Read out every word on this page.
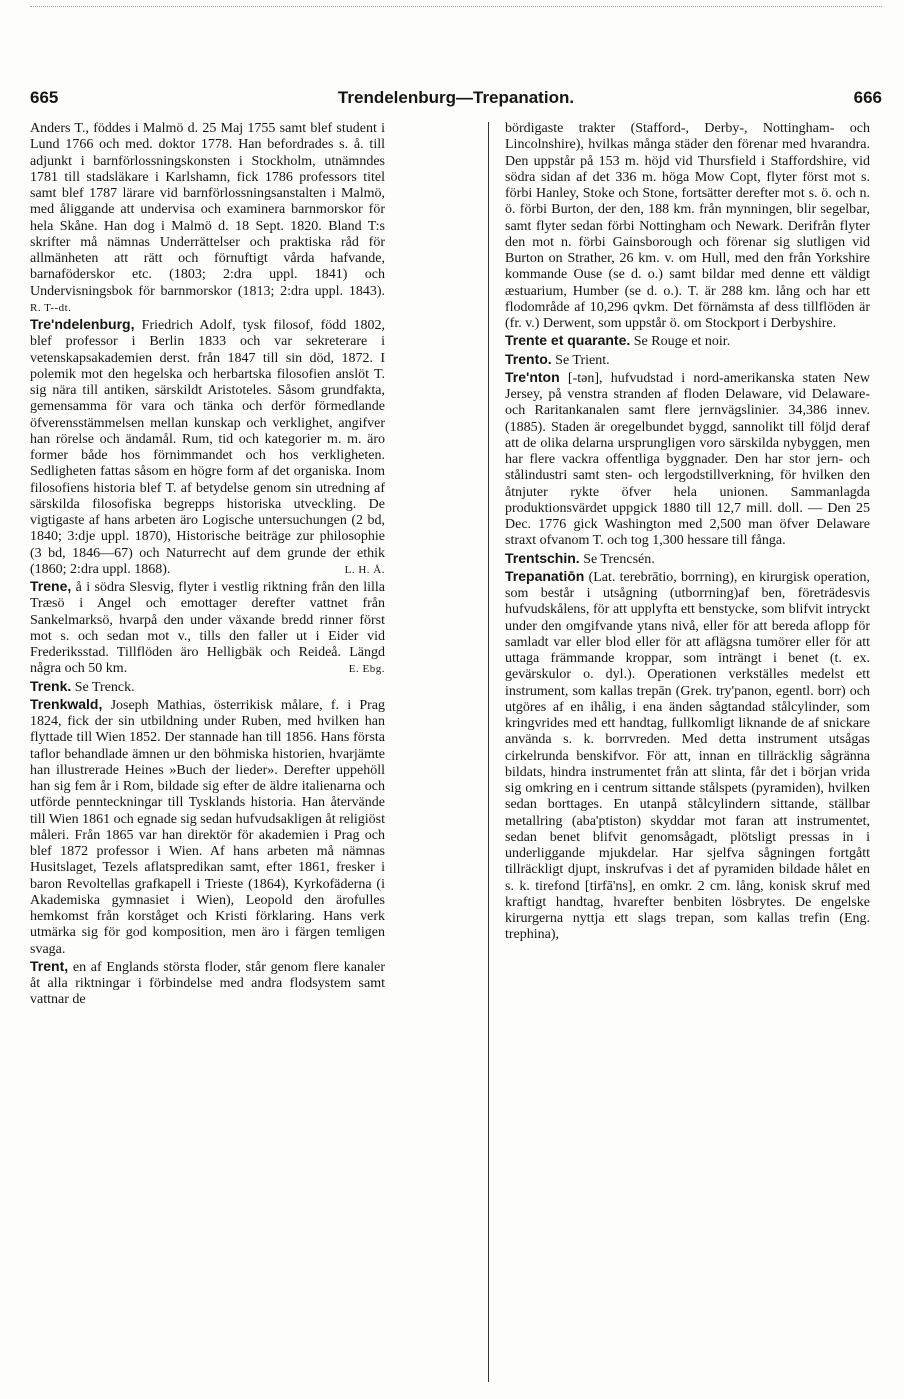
665	Trendelenburg—Trepanation.	666

Anders T., föddes i Malmö d. 25 Maj 1755 samt blef student i Lund 1766 och med. doktor 1778. Han befordrades s. å. till adjunkt i barnförlossningskonsten i Stockholm, utnämndes 1781 till stadsläkare i Karlshamn, fick 1786 professors titel samt blef 1787 lärare vid barnförlossningsanstalten i Malmö, med åliggande att undervisa och examinera barnmorskor för hela Skåne. Han dog i Malmö d. 18 Sept. 1820. Bland T:s skrifter må nämnas Underrättelser och praktiska råd för allmänheten att rätt och förnuftigt vårda hafvande, barnaföderskor etc. (1803; 2:dra uppl. 1841) och Undervisningsbok för barnmorskor (1813; 2:dra uppl. 1843). R. T--dt.

Tre'ndelenburg, Friedrich Adolf, tysk filosof, född 1802, blef professor i Berlin 1833 och var sekreterare i vetenskapsakademien derst. från 1847 till sin död, 1872. I polemik mot den hegelska och herbartska filosofien anslöt T. sig nära till antiken, särskildt Aristoteles. Såsom grundfakta, gemensamma för vara och tänka och derför förmedlande öfverensstämmelsen mellan kunskap och verklighet, angifver han rörelse och ändamål. Rum, tid och kategorier m. m. äro former både hos förnimmandet och hos verkligheten. Sedligheten fattas såsom en högre form af det organiska. Inom filosofiens historia blef T. af betydelse genom sin utredning af särskilda filosofiska begrepps historiska utveckling. De vigtigaste af hans arbeten äro Logische untersuchungen (2 bd, 1840; 3:dje uppl. 1870), Historische beiträge zur philosophie (3 bd, 1846—67) och Naturrecht auf dem grunde der ethik (1860; 2:dra uppl. 1868).	L. H. Å.

Trene, å i södra Slesvig, flyter i vestlig riktning från den lilla Træsö i Angel och emottager derefter vattnet från Sankelmarksö, hvarpå den under växande bredd rinner först mot s. och sedan mot v., tills den faller ut i Eider vid Frederiksstad. Tillflöden äro Helligbäk och Reideå. Längd några och 50 km.	E. Ebg.

Trenk. Se Trenck.

Trenkwald, Joseph Mathias, österrikisk målare, f. i Prag 1824, fick der sin utbildning under Ruben, med hvilken han flyttade till Wien 1852. Der stannade han till 1856. Hans första taflor behandlade ämnen ur den böhmiska historien, hvarjämte han illustrerade Heines »Buch der lieder». Derefter uppehöll han sig fem år i Rom, bildade sig efter de äldre italienarna och utförde pennteckningar till Tysklands historia. Han återvände till Wien 1861 och egnade sig sedan hufvudsakligen åt religiöst måleri. Från 1865 var han direktör för akademien i Prag och blef 1872 professor i Wien. Af hans arbeten må nämnas Husitslaget, Tezels aflatspredikan samt, efter 1861, fresker i baron Revoltellas grafkapell i Trieste (1864), Kyrkofäderna (i Akademiska gymnasiet i Wien), Leopold den ärofulles hemkomst från korståget och Kristi förklaring. Hans verk utmärka sig för god komposition, men äro i färgen temligen svaga.

Trent, en af Englands största floder, står genom flere kanaler åt alla riktningar i förbindelse med andra flodsystem samt vattnar de

bördigaste trakter (Stafford-, Derby-, Nottingham- och Lincolnshire), hvilkas många städer den förenar med hvarandra. Den uppstår på 153 m. höjd vid Thursfield i Staffordshire, vid södra sidan af det 336 m. höga Mow Copt, flyter först mot s. förbi Hanley, Stoke och Stone, fortsätter derefter mot s. ö. och n. ö. förbi Burton, der den, 188 km. från mynningen, blir segelbar, samt flyter sedan förbi Nottingham och Newark. Derifrån flyter den mot n. förbi Gainsborough och förenar sig slutligen vid Burton on Strather, 26 km. v. om Hull, med den från Yorkshire kommande Ouse (se d. o.) samt bildar med denne ett väldigt æstuarium, Humber (se d. o.). T. är 288 km. lång och har ett flodområde af 10,296 qvkm. Det förnämsta af dess tillflöden är (fr. v.) Derwent, som uppstår ö. om Stockport i Derbyshire.

Trente et quarante. Se Rouge et noir.

Trento. Se Trient.

Tre'nton [-tən], hufvudstad i nord-amerikanska staten New Jersey, på venstra stranden af floden Delaware, vid Delaware- och Raritankanalen samt flere jernvägslinier. 34,386 innev. (1885). Staden är oregelbundet byggd, sannolikt till följd deraf att de olika delarna ursprungligen voro särskilda nybyggen, men har flere vackra offentliga byggnader. Den har stor jern- och stålindustri samt sten- och lergodstillverkning, för hvilken den åtnjuter rykte öfver hela unionen. Sammanlagda produktionsvärdet uppgick 1880 till 12,7 mill. doll. — Den 25 Dec. 1776 gick Washington med 2,500 man öfver Delaware straxt ofvanom T. och tog 1,300 hessare till fånga.

Trentschin. Se Trencsén.

Trepanatiōn (Lat. terebrātio, borrning), en kirurgisk operation, som består i utsågning (utborrning)af ben, företrädesvis hufvudskålens, för att upplyfta ett benstycke, som blifvit intryckt under den omgifvande ytans nivå, eller för att bereda aflopp för samladt var eller blod eller för att aflägsna tumörer eller för att uttaga främmande kroppar, som inträngt i benet (t. ex. gevärskulor o. dyl.). Operationen verkställes medelst ett instrument, som kallas trepān (Grek. try'panon, egentl. borr) och utgöres af en ihålig, i ena änden sågtandad stålcylinder, som kringvrides med ett handtag, fullkomligt liknande de af snickare använda s. k. borrvreden. Med detta instrument utsågas cirkelrunda benskifvor. För att, innan en tillräcklig sågränna bildats, hindra instrumentet från att slinta, får det i början vrida sig omkring en i centrum sittande stålspets (pyramiden), hvilken sedan borttages. En utanpå stålcylindern sittande, ställbar metallring (aba'ptiston) skyddar mot faran att instrumentet, sedan benet blifvit genomsågadt, plötsligt pressas in i underliggande mjukdelar. Har sjelfva sågningen fortgått tillräckligt djupt, inskrufvas i det af pyramiden bildade hålet en s. k. tirefond [tirfā'ns], en omkr. 2 cm. lång, konisk skruf med kraftigt handtag, hvarefter benbiten lösbrytes. De engelske kirurgerna nyttja ett slags trepan, som kallas trefin (Eng. trephina),
